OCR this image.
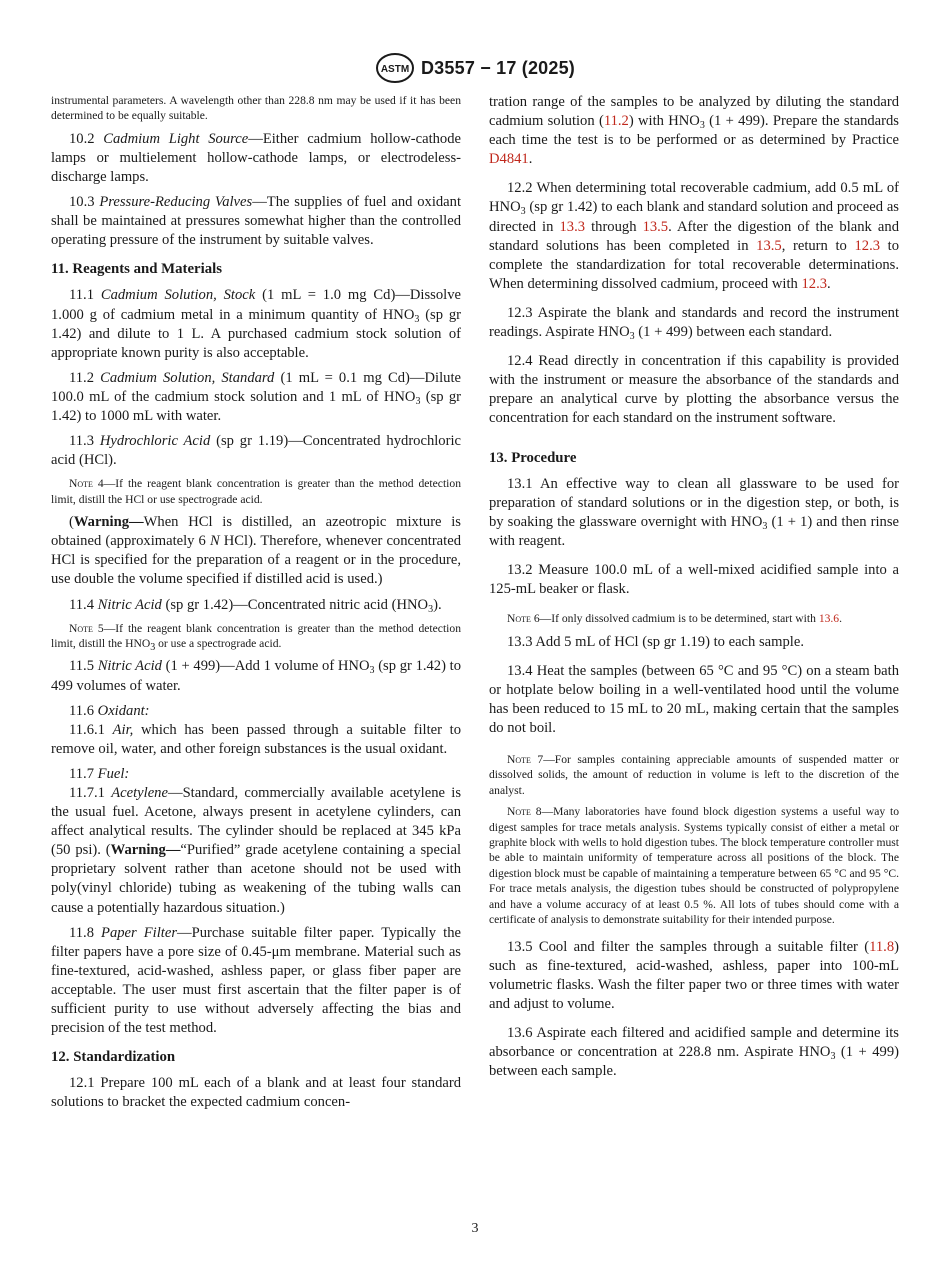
ASTM D3557 − 17 (2025)

instrumental parameters. A wavelength other than 228.8 nm may be used if it has been determined to be equally suitable.

10.2 Cadmium Light Source—Either cadmium hollow-cathode lamps or multielement hollow-cathode lamps, or electrodeless-discharge lamps.

10.3 Pressure-Reducing Valves—The supplies of fuel and oxidant shall be maintained at pressures somewhat higher than the controlled operating pressure of the instrument by suitable valves.

11. Reagents and Materials

11.1 Cadmium Solution, Stock (1 mL = 1.0 mg Cd)—Dissolve 1.000 g of cadmium metal in a minimum quantity of $HNO_3$ (sp gr 1.42) and dilute to 1 L. A purchased cadmium stock solution of appropriate known purity is also acceptable.

11.2 Cadmium Solution, Standard (1 mL = 0.1 mg Cd)—Dilute 100.0 mL of the cadmium stock solution and 1 mL of $HNO_3$ (sp gr 1.42) to 1000 mL with water.

11.3 Hydrochloric Acid (sp gr 1.19)—Concentrated hydrochloric acid (HCl).

Note 4—If the reagent blank concentration is greater than the method detection limit, distill the HCl or use spectrograde acid.

(Warning—When HCl is distilled, an azeotropic mixture is obtained (approximately 6 N HCl). Therefore, whenever concentrated HCl is specified for the preparation of a reagent or in the procedure, use double the volume specified if distilled acid is used.)

11.4 Nitric Acid (sp gr 1.42)—Concentrated nitric acid $(HNO_3)$.

Note 5—If the reagent blank concentration is greater than the method detection limit, distill the $HNO_3$ or use a spectrograde acid.

11.5 Nitric Acid (1 + 499)—Add 1 volume of $HNO_3$ (sp gr 1.42) to 499 volumes of water.

11.6 Oxidant:

11.6.1 Air, which has been passed through a suitable filter to remove oil, water, and other foreign substances is the usual oxidant.

11.7 Fuel:

11.7.1 Acetylene—Standard, commercially available acetylene is the usual fuel. Acetone, always present in acetylene cylinders, can affect analytical results. The cylinder should be replaced at 345 kPa (50 psi). (Warning—“Purified” grade acetylene containing a special proprietary solvent rather than acetone should not be used with poly(vinyl chloride) tubing as weakening of the tubing walls can cause a potentially hazardous situation.)

11.8 Paper Filter—Purchase suitable filter paper. Typically the filter papers have a pore size of 0.45-μm membrane. Material such as fine-textured, acid-washed, ashless paper, or glass fiber paper are acceptable. The user must first ascertain that the filter paper is of sufficient purity to use without adversely affecting the bias and precision of the test method.

12. Standardization

12.1 Prepare 100 mL each of a blank and at least four standard solutions to bracket the expected cadmium concen-

tration range of the samples to be analyzed by diluting the standard cadmium solution (11.2) with $HNO_3$ (1 + 499). Prepare the standards each time the test is to be performed or as determined by Practice D4841.

12.2 When determining total recoverable cadmium, add 0.5 mL of $HNO_3$ (sp gr 1.42) to each blank and standard solution and proceed as directed in 13.3 through 13.5. After the digestion of the blank and standard solutions has been completed in 13.5, return to 12.3 to complete the standardization for total recoverable determinations. When determining dissolved cadmium, proceed with 12.3.

12.3 Aspirate the blank and standards and record the instrument readings. Aspirate $HNO_3$ (1 + 499) between each standard.

12.4 Read directly in concentration if this capability is provided with the instrument or measure the absorbance of the standards and prepare an analytical curve by plotting the absorbance versus the concentration for each standard on the instrument software.

13. Procedure

13.1 An effective way to clean all glassware to be used for preparation of standard solutions or in the digestion step, or both, is by soaking the glassware overnight with $HNO_3$ (1 + 1) and then rinse with reagent.

13.2 Measure 100.0 mL of a well-mixed acidified sample into a 125-mL beaker or flask.

Note 6—If only dissolved cadmium is to be determined, start with 13.6.

13.3 Add 5 mL of HCl (sp gr 1.19) to each sample.

13.4 Heat the samples (between 65 °C and 95 °C) on a steam bath or hotplate below boiling in a well-ventilated hood until the volume has been reduced to 15 mL to 20 mL, making certain that the samples do not boil.

Note 7—For samples containing appreciable amounts of suspended matter or dissolved solids, the amount of reduction in volume is left to the discretion of the analyst.
Note 8—Many laboratories have found block digestion systems a useful way to digest samples for trace metals analysis. Systems typically consist of either a metal or graphite block with wells to hold digestion tubes. The block temperature controller must be able to maintain uniformity of temperature across all positions of the block. The digestion block must be capable of maintaining a temperature between 65 °C and 95 °C. For trace metals analysis, the digestion tubes should be constructed of polypropylene and have a volume accuracy of at least 0.5 %. All lots of tubes should come with a certificate of analysis to demonstrate suitability for their intended purpose.

13.5 Cool and filter the samples through a suitable filter (11.8) such as fine-textured, acid-washed, ashless, paper into 100-mL volumetric flasks. Wash the filter paper two or three times with water and adjust to volume.

13.6 Aspirate each filtered and acidified sample and determine its absorbance or concentration at 228.8 nm. Aspirate $HNO_3$ (1 + 499) between each sample.

3
